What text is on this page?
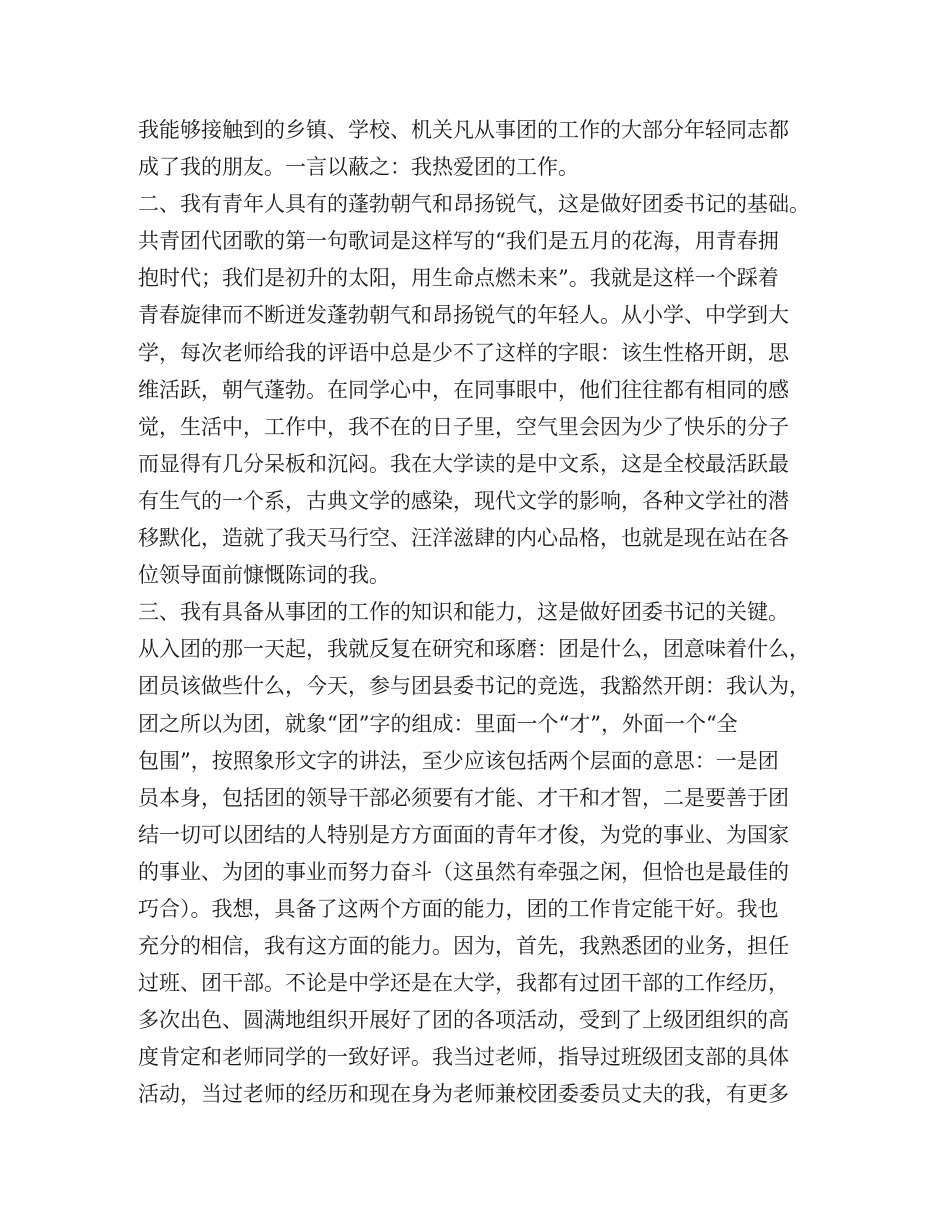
我能够接触到的乡镇、学校、机关凡从事团的工作的大部分年轻同志都
成了我的朋友。一言以蔽之：我热爱团的工作。
二、我有青年人具有的蓬勃朝气和昂扬锐气，这是做好团委书记的基础。
共青团代团歌的第一句歌词是这样写的“我们是五月的花海，用青春拥
抱时代；我们是初升的太阳，用生命点燃未来”。我就是这样一个踩着
青春旋律而不断迸发蓬勃朝气和昂扬锐气的年轻人。从小学、中学到大
学，每次老师给我的评语中总是少不了这样的字眼：该生性格开朗，思
维活跃，朝气蓬勃。在同学心中，在同事眼中，他们往往都有相同的感
觉，生活中，工作中，我不在的日子里，空气里会因为少了快乐的分子
而显得有几分呆板和沉闷。我在大学读的是中文系，这是全校最活跃最
有生气的一个系，古典文学的感染，现代文学的影响，各种文学社的潜
移默化，造就了我天马行空、汪洋滋肆的内心品格，也就是现在站在各
位领导面前慷慨陈词的我。
三、我有具备从事团的工作的知识和能力，这是做好团委书记的关键。
从入团的那一天起，我就反复在研究和琢磨：团是什么，团意味着什么，
团员该做些什么，今天，参与团县委书记的竞选，我豁然开朗：我认为，
团之所以为团，就象“团”字的组成：里面一个“才”，外面一个“全
包围”，按照象形文字的讲法，至少应该包括两个层面的意思：一是团
员本身，包括团的领导干部必须要有才能、才干和才智，二是要善于团
结一切可以团结的人特别是方方面面的青年才俊，为党的事业、为国家
的事业、为团的事业而努力奋斗（这虽然有牵强之闲，但恰也是最佳的
巧合）。我想，具备了这两个方面的能力，团的工作肯定能干好。我也
充分的相信，我有这方面的能力。因为，首先，我熟悉团的业务，担任
过班、团干部。不论是中学还是在大学，我都有过团干部的工作经历，
多次出色、圆满地组织开展好了团的各项活动，受到了上级团组织的高
度肯定和老师同学的一致好评。我当过老师，指导过班级团支部的具体
活动，当过老师的经历和现在身为老师兼校团委委员丈夫的我，有更多
